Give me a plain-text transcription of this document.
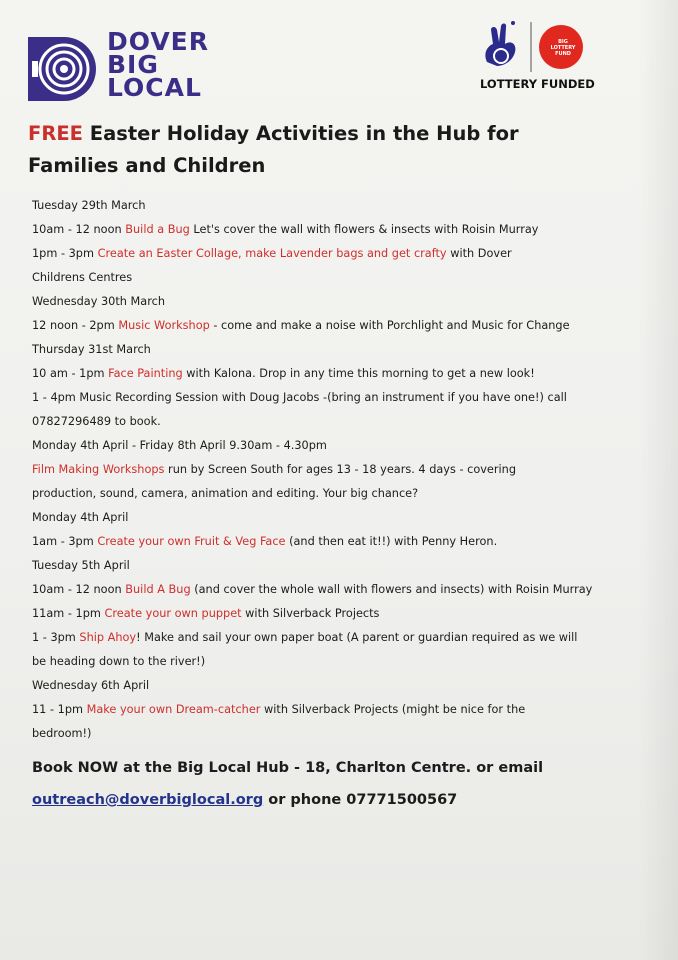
DOVER
BIG
LOCAL
BIG LOTTERY FUND
LOTTERY FUNDED
FREE Easter Holiday Activities in the Hub for
Families and Children
Tuesday 29th March
10am - 12 noon Build a Bug Let's cover the wall with flowers & insects with Roisin Murray
1pm - 3pm Create an Easter Collage, make Lavender bags and get crafty with Dover
Childrens Centres
Wednesday 30th March
12 noon - 2pm Music Workshop - come and make a noise with Porchlight and Music for Change
Thursday 31st March
10 am - 1pm Face Painting with Kalona. Drop in any time this morning to get a new look!
1 - 4pm Music Recording Session with Doug Jacobs -(bring an instrument if you have one!) call
07827296489 to book.
Monday 4th April - Friday 8th April 9.30am - 4.30pm
Film Making Workshops run by Screen South for ages 13 - 18 years. 4 days - covering
production, sound, camera, animation and editing. Your big chance?
Monday 4th April
1am - 3pm Create your own Fruit & Veg Face (and then eat it!!) with Penny Heron.
Tuesday 5th April
10am - 12 noon Build A Bug (and cover the whole wall with flowers and insects) with Roisin Murray
11am - 1pm Create your own puppet with Silverback Projects
1 - 3pm Ship Ahoy! Make and sail your own paper boat (A parent or guardian required as we will
be heading down to the river!)
Wednesday 6th April
11 - 1pm Make your own Dream-catcher with Silverback Projects (might be nice for the
bedroom!)
Book NOW at the Big Local Hub - 18, Charlton Centre. or email
outreach@doverbiglocal.org or phone 07771500567
